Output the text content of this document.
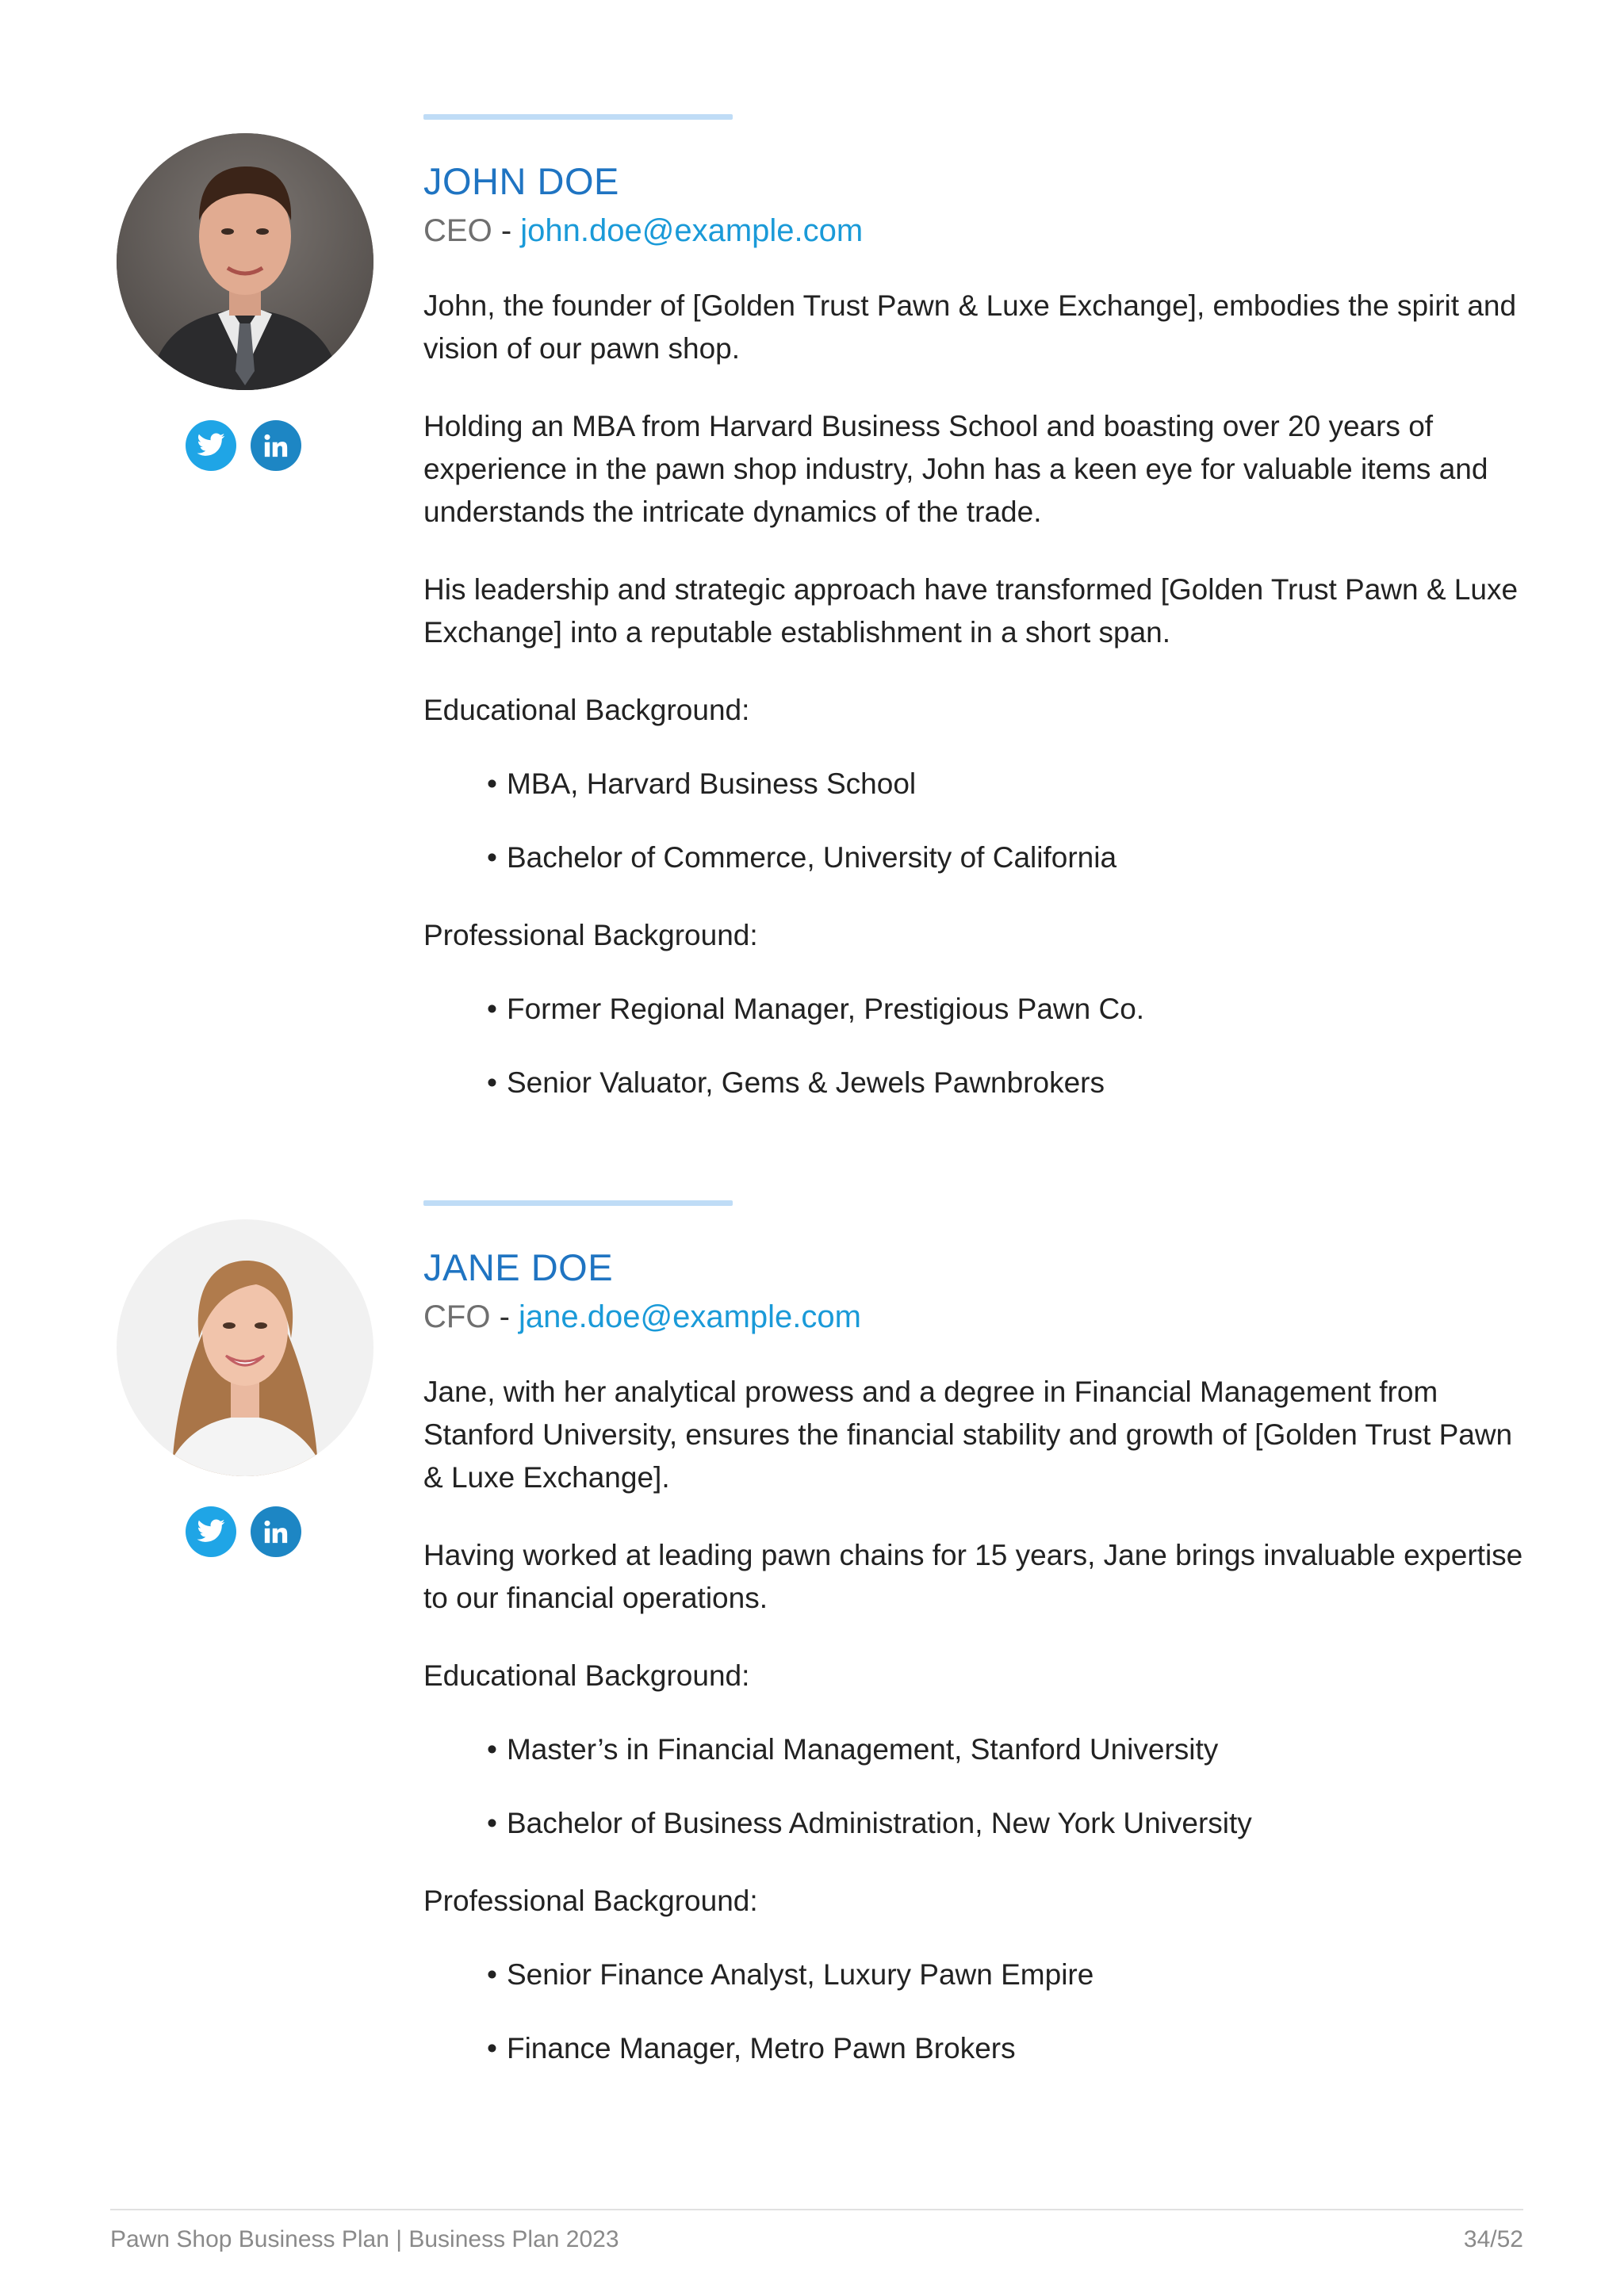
JOHN DOE
CEO - john.doe@example.com

John, the founder of [Golden Trust Pawn & Luxe Exchange], embodies the spirit and vision of our pawn shop.

Holding an MBA from Harvard Business School and boasting over 20 years of experience in the pawn shop industry, John has a keen eye for valuable items and understands the intricate dynamics of the trade.

His leadership and strategic approach have transformed [Golden Trust Pawn & Luxe Exchange] into a reputable establishment in a short span.

Educational Background:
• MBA, Harvard Business School
• Bachelor of Commerce, University of California
Professional Background:
• Former Regional Manager, Prestigious Pawn Co.
• Senior Valuator, Gems & Jewels Pawnbrokers
JANE DOE
CFO - jane.doe@example.com

Jane, with her analytical prowess and a degree in Financial Management from Stanford University, ensures the financial stability and growth of [Golden Trust Pawn & Luxe Exchange].

Having worked at leading pawn chains for 15 years, Jane brings invaluable expertise to our financial operations.

Educational Background:
• Master’s in Financial Management, Stanford University
• Bachelor of Business Administration, New York University
Professional Background:
• Senior Finance Analyst, Luxury Pawn Empire
• Finance Manager, Metro Pawn Brokers
Pawn Shop Business Plan | Business Plan 2023	34/52
